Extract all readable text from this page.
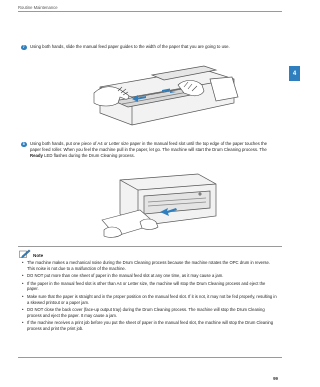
Routine Maintenance
4
7	Using both hands, slide the manual feed paper guides to the width of the paper that you are going to use.
8	Using both hands, put one piece of A4 or Letter size paper in the manual feed slot until the top edge of the paper touches the paper feed roller. When you feel the machine pull in the paper, let go. The machine will start the Drum Cleaning process. The Ready LED flashes during the Drum Cleaning process.
Note
• The machine makes a mechanical noise during the Drum Cleaning process because the machine rotates the OPC drum in reverse. This noise is not due to a malfunction of the machine.
• DO NOT put more than one sheet of paper in the manual feed slot at any one time, as it may cause a jam.
• If the paper in the manual feed slot is other than A4 or Letter size, the machine will stop the Drum Cleaning process and eject the paper.
• Make sure that the paper is straight and in the proper position on the manual feed slot. If it is not, it may not be fed properly, resulting in a skewed printout or a paper jam.
• DO NOT close the back cover (face-up output tray) during the Drum Cleaning process. The machine will stop the Drum Cleaning process and eject the paper. It may cause a jam.
• If the machine receives a print job before you put the sheet of paper in the manual feed slot, the machine will stop the Drum Cleaning process and print the print job.
99
